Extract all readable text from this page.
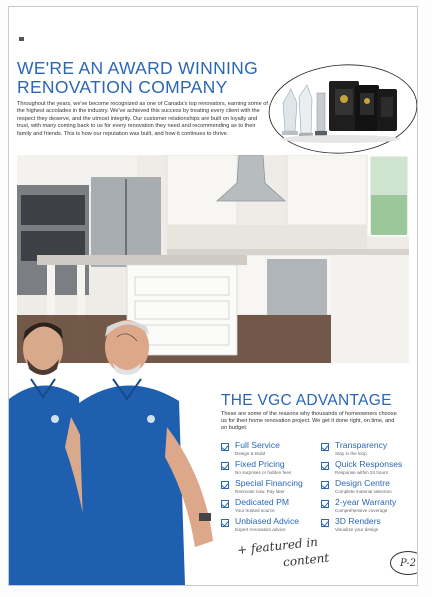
WE'RE AN AWARD WINNING RENOVATION COMPANY

Throughout the years, we've become recognized as one of Canada's top renovators, earning some of the highest accolades in the industry. We've achieved this success by treating every client with the respect they deserve, and the utmost integrity. Our customer relationships are built on loyalty and trust, with many coming back to us for every renovation they need and recommending as to their family and friends. This is how our reputation was built, and how it continues to thrive.

THE VGC ADVANTAGE

These are some of the reasons why thousands of homeowners choose us for their home renovation project. We get it done right, on time, and on budget.

Full Service
Design & Build
Transparency
Stay in the loop
Fixed Pricing
No surprises or hidden fees
Quick Responses
Response within 24 hours
Special Financing
Renovate now. Pay later
Design Centre
Complete material selection
Dedicated PM
Your trusted source
2-year Warranty
Comprehensive coverage
Unbiased Advice
Expert renovation advice
3D Renders
Visualize your design
+ featured in
content	P-2
